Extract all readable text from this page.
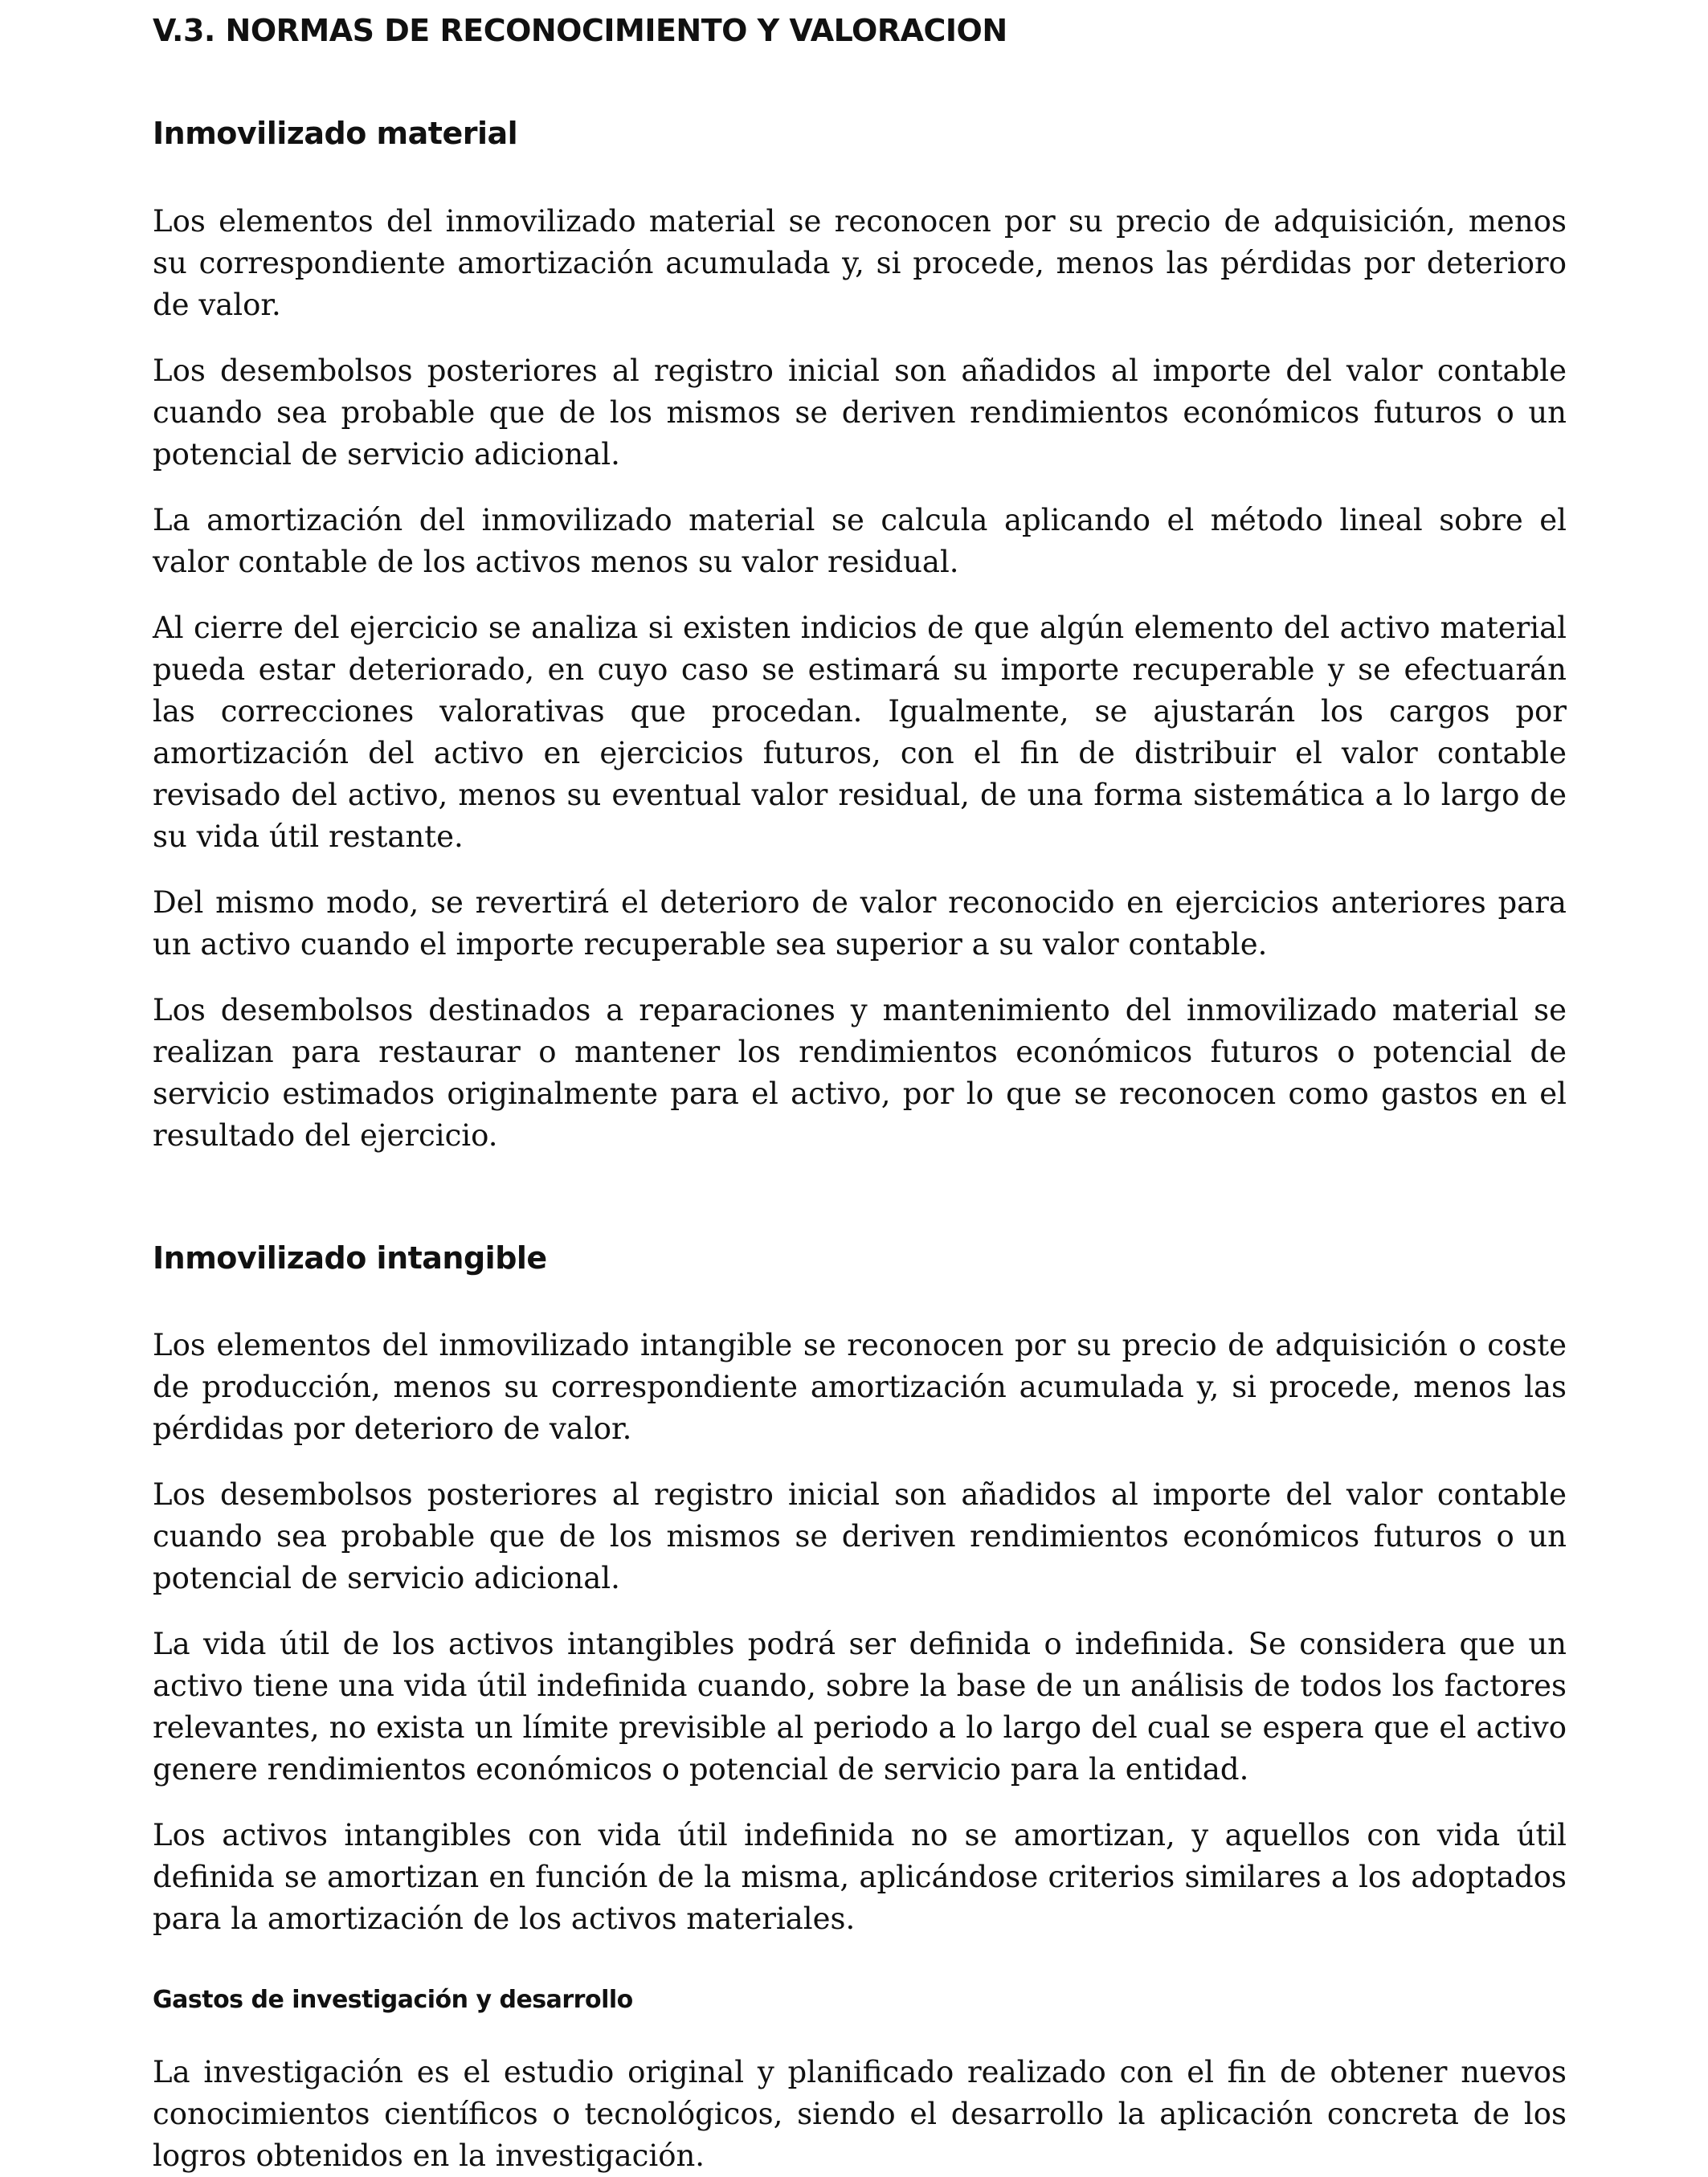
V.3. NORMAS DE RECONOCIMIENTO Y VALORACION
Inmovilizado material

Los elementos del inmovilizado material se reconocen por su precio de adquisición, menos su correspondiente amortización acumulada y, si procede, menos las pérdidas por deterioro de valor.

Los desembolsos posteriores al registro inicial son añadidos al importe del valor contable cuando sea probable que de los mismos se deriven rendimientos económicos futuros o un potencial de servicio adicional.

La amortización del inmovilizado material se calcula aplicando el método lineal sobre el valor contable de los activos menos su valor residual.

Al cierre del ejercicio se analiza si existen indicios de que algún elemento del activo material pueda estar deteriorado, en cuyo caso se estimará su importe recuperable y se efectuarán las correcciones valorativas que procedan. Igualmente, se ajustarán los cargos por amortización del activo en ejercicios futuros, con el fin de distribuir el valor contable revisado del activo, menos su eventual valor residual, de una forma sistemática a lo largo de su vida útil restante.

Del mismo modo, se revertirá el deterioro de valor reconocido en ejercicios anteriores para un activo cuando el importe recuperable sea superior a su valor contable.

Los desembolsos destinados a reparaciones y mantenimiento del inmovilizado material se realizan para restaurar o mantener los rendimientos económicos futuros o potencial de servicio estimados originalmente para el activo, por lo que se reconocen como gastos en el resultado del ejercicio.

Inmovilizado intangible

Los elementos del inmovilizado intangible se reconocen por su precio de adquisición o coste de producción, menos su correspondiente amortización acumulada y, si procede, menos las pérdidas por deterioro de valor.

Los desembolsos posteriores al registro inicial son añadidos al importe del valor contable cuando sea probable que de los mismos se deriven rendimientos económicos futuros o un potencial de servicio adicional.

La vida útil de los activos intangibles podrá ser definida o indefinida. Se considera que un activo tiene una vida útil indefinida cuando, sobre la base de un análisis de todos los factores relevantes, no exista un límite previsible al periodo a lo largo del cual se espera que el activo genere rendimientos económicos o potencial de servicio para la entidad.

Los activos intangibles con vida útil indefinida no se amortizan, y aquellos con vida útil definida se amortizan en función de la misma, aplicándose criterios similares a los adoptados para la amortización de los activos materiales.

Gastos de investigación y desarrollo

La investigación es el estudio original y planificado realizado con el fin de obtener nuevos conocimientos científicos o tecnológicos, siendo el desarrollo la aplicación concreta de los logros obtenidos en la investigación.
